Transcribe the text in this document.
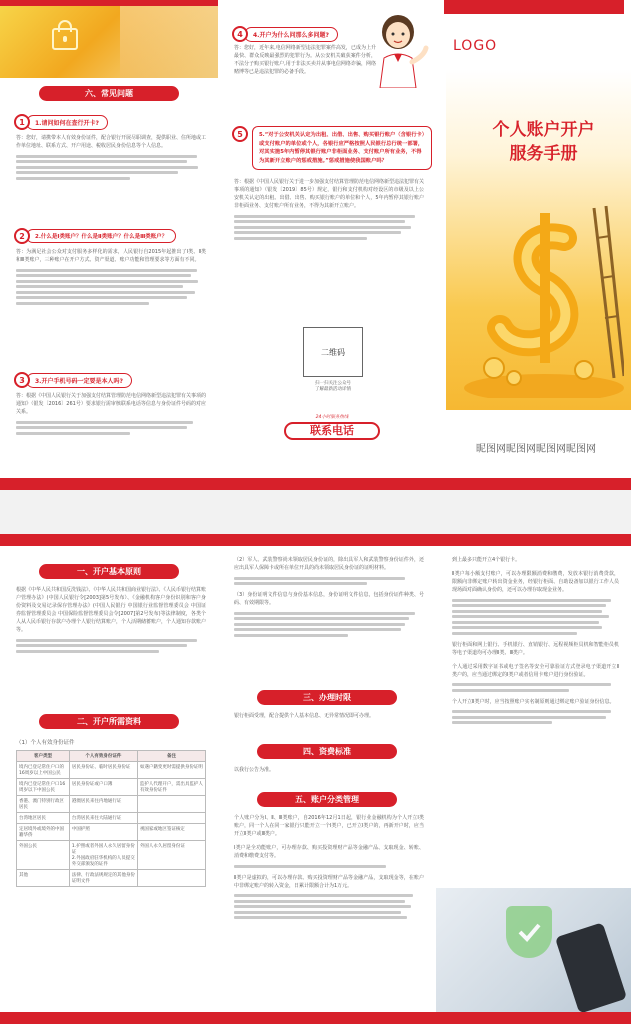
六、常见问题
1	1.请问如何在查行开卡?
答：您好，请携带本人有效身份证件，配合银行开展尽职调查，提供职业、住所地或工作单位地址、联系方式、开户用途、税收居民身份信息等个人信息。
2	2.什么是Ⅰ类账户？什么是Ⅱ类账户？什么是Ⅲ类账户？
答：为满足社会公众对支付服务多样化的需求，人民银行自2015年起推出了Ⅰ类、Ⅱ类和Ⅲ类账户，三种账户在开户方式、资产渠道、账户功能和管理要求等方面有不同。
3	3.开户手机号码一定要是本人吗?
答：根据《中国人民银行关于加强支付结算管理防范电信网络新型违法犯罪有关事项的通知》（银发〔2016〕261号）要求银行需审核联系电话等信息与身份证件号码的对应关系。
4	4.开户为什么问那么多问题?
答：您好，近年来,电信网络新型违法犯罪案件高发，已成为上升最快、群众反映最强烈的犯罪行为。从公安机关破获案件分析，不法分子购买银行账户,用于非法买卖并从事电信网络诈骗，网络赌博等已是违法犯罪的必备手段。
5	5.“对于公安机关认定为出租、出借、出售、购买银行账户（含银行卡）或支付账户的单位或个人，各银行应严格按照人民银行总行统一部署，对其实施5年内暂停其银行账户非柜面业务、支付账户所有业务，不得为其新开立账户的惩戒措施。”惩戒措施使我国账户吗？
答：根据《中国人民银行关于进一步加强支付结算管理防范电信网络新型违法犯罪有关事项的通知》（银发〔2019〕85号）规定，银行和支付机构对经设区的市级及以上公安机关认定的出租、出借、出售、购买银行账户的单位和个人，5年内暂停其银行账户非柜面业务、支付账户所有业务，不得为其新开立账户。
二维码
扫一扫关注公众号
了解最新活动详情
24小时服务热线
联系电话
LOGO
个人账户开户
服务手册
昵图网昵图网昵图网昵图网
一、开户基本原则
根据《中华人民共和国反洗钱法》、《中华人民共和国商业银行法》、《人民币银行结算账户管理办法》(中国人民银行令[2003]第5号发布）、《金融机构客户身份识别和客户身份资料及交易记录保存管理办法》(中国人民银行 中国银行业监督管理委员会 中国证券监督管理委员会 中国保险监督管理委员会令[2007]第2号发布)等法律制度，各类个人从人民币银行存款户办理个人银行结算账户，个人活期储蓄账户，个人通知存款账户等。
二、开户所需资料
（1）个人有效身份证件
客户类型	个人有效身份证件	备注
境内已登记常住户口的16周岁以上中国公民	居民身份证、临时居民身份证	如遇户籍变更时需提供身份证明
境内已登记常住户口16周岁以下中国公民	居民身份证或户口簿	监护人代理开户，需出具监护人有效身份证件
香港、澳门特别行政区居民	港澳居民来往内地通行证	
台湾地区居民	台湾居民来往大陆通行证	
定居境外或境外的中国籍华侨	中国护照	视国家或地区签证核定
外国公民	1.护照或者外国人永久居留身份证
2.外国政府驻华机构的人员提交外交部颁发的证件	外国人永久居留身份证
其他	法律、行政法规规定的其他身份证明文件	
（2）军人、武装警察尚未领取居民身份证的，除出具军人和武装警察身份证件外，还应出具军人保障卡或所在单位开具的尚未领取居民身份证的证明材料。
（3）身份证明文件信息与身份基本信息，身份证明文件信息，包括身份证件种类、号码、有效期限等。
三、办理时限
银行柜面受理，配合提供个人基本信息、无异常情况即可办理。
四、资费标准
以我行公告为准。
五、账户分类管理
个人账户分为Ⅰ、Ⅱ、Ⅲ类账户，自2016年12月1日起，银行业金融机构为个人开立Ⅰ类账户，同一个人在同一家银行只能开立一个Ⅰ类户，已开立Ⅰ类户的，再新开户时，应当开立Ⅱ类户或Ⅲ类户。
Ⅰ类户是全功能账户，可办理存款、购买投资理财产品等金融产品、支取现金、转账、消费和缴费支付等。
Ⅱ类户是虚拟的，可以办理存款、购买投资理财产品等金融产品，支取现金等，在账户中非绑定账户的转入资金，日累计限额合计为1万元。
到上最多只能开立4个银行卡。
Ⅱ类户每小额支付账户，可以办理限额消费和缴费，发放本银行消费贷款，限额向非绑定账户转出资金业务，经银行柜面、自助设备加以银行工作人员现场面对面确认身份的，还可以办理存取现金业务。
银行柜面和网上银行、手机银行、直销银行、远程视频柜员机和智能柜员机等电子渠道均可办理Ⅱ类、Ⅲ类户。
个人通过采用数字证书或电子签名等安全可靠验证方式登录电子渠道开立Ⅱ类户的，应当通过绑定的Ⅰ类户或者信用卡账户进行身份验证。
个人开立Ⅱ类户时，应当按照账户实名制原则通过绑定账户验证身份信息。
